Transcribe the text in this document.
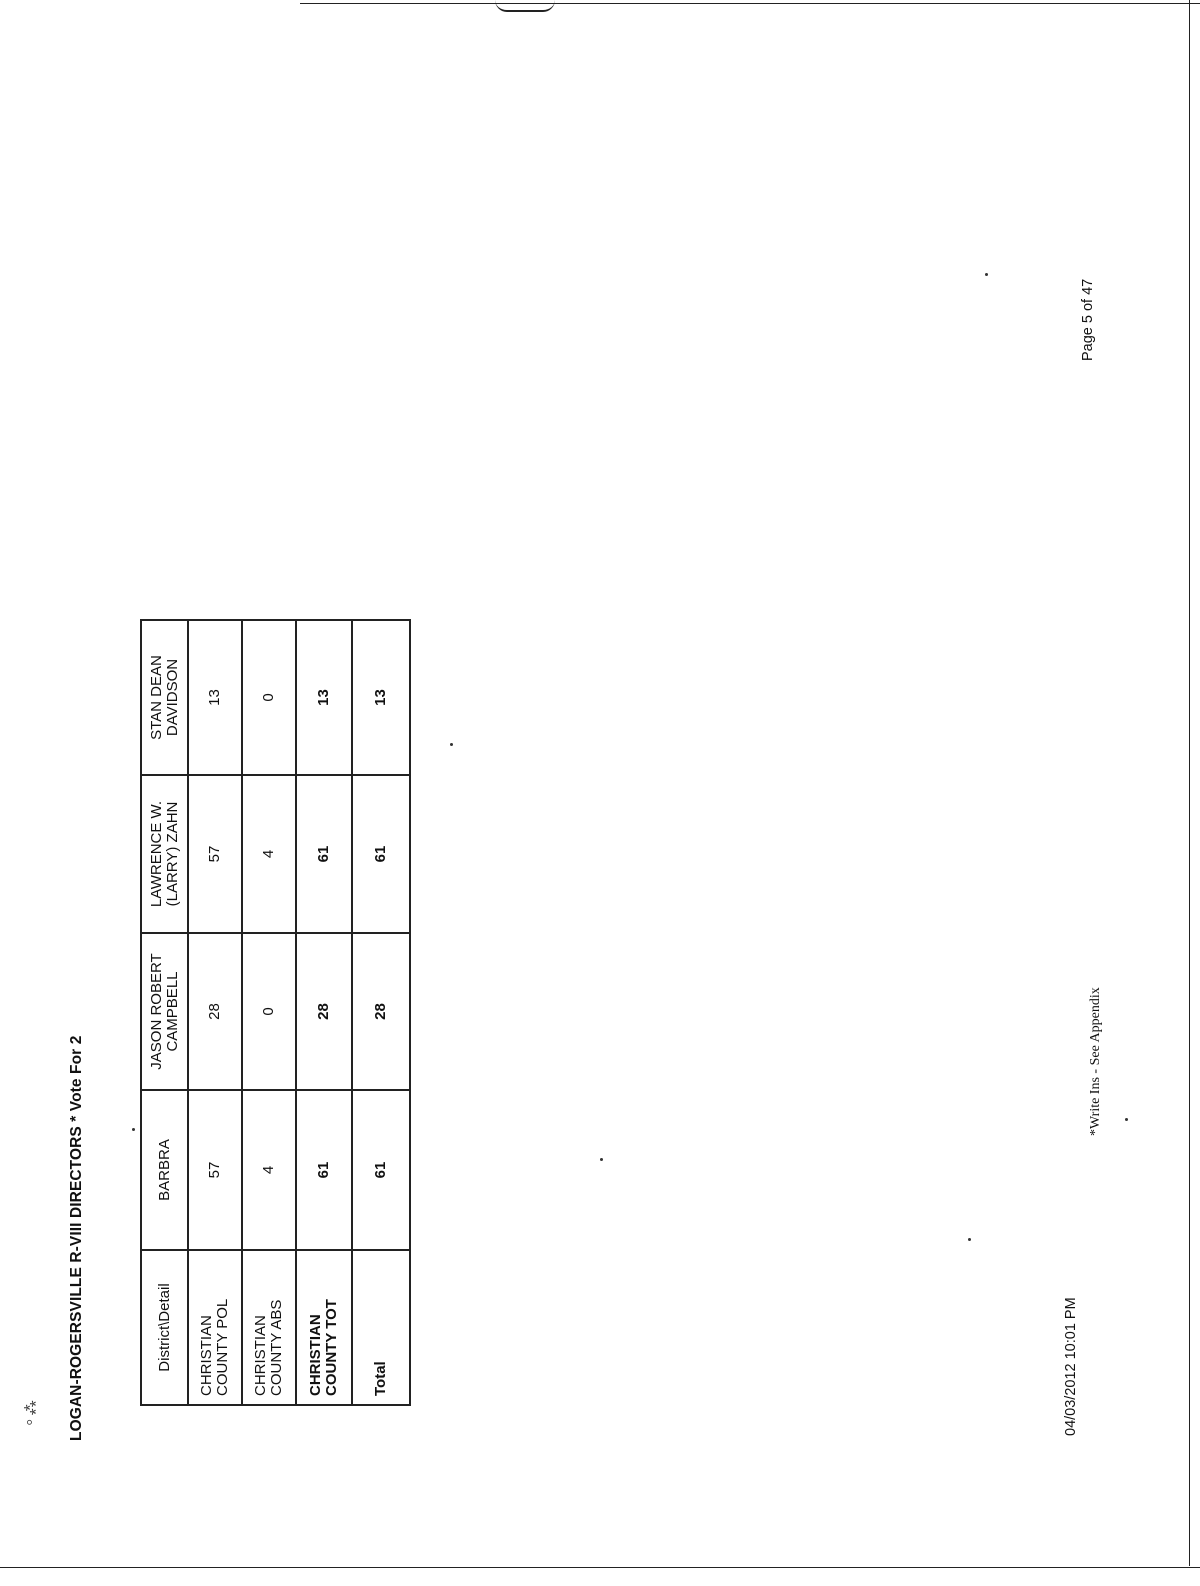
⸰ ⁂ LOGAN-ROGERSVILLE R-VIII DIRECTORS * Vote For 2	District\Detail	BARBRA	JASON ROBERT CAMPBELL	LAWRENCE W. (LARRY) ZAHN	STAN DEAN DAVIDSON
CHRISTIAN COUNTY POL	57	28	57	13
CHRISTIAN COUNTY ABS	4	0	4	0
CHRISTIAN COUNTY TOT	61	28	61	13
Total	61	28	61	13
04/03/2012 10:01 PM
*Write Ins - See Appendix
Page 5 of 47
